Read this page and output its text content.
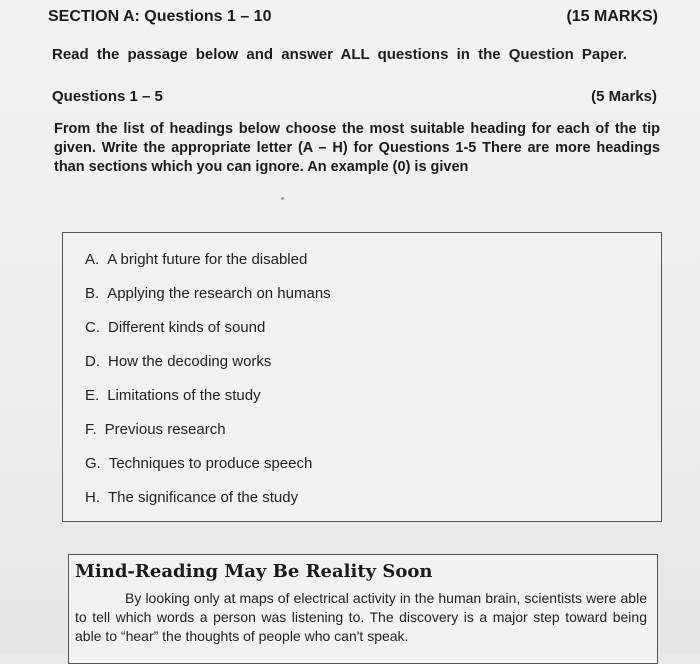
SECTION A: Questions 1 – 10	(15 MARKS)
Read the passage below and answer ALL questions in the Question Paper.
Questions 1 – 5	(5 Marks)
From the list of headings below choose the most suitable heading for each of the tip given. Write the appropriate letter (A – H) for Questions 1-5 There are more headings than sections which you can ignore. An example (0) is given
A. A bright future for the disabled
B. Applying the research on humans
C. Different kinds of sound
D. How the decoding works
E. Limitations of the study
F. Previous research
G. Techniques to produce speech
H. The significance of the study
Mind-Reading May Be Reality Soon
By looking only at maps of electrical activity in the human brain, scientists were able to tell which words a person was listening to. The discovery is a major step toward being able to “hear” the thoughts of people who can't speak.
